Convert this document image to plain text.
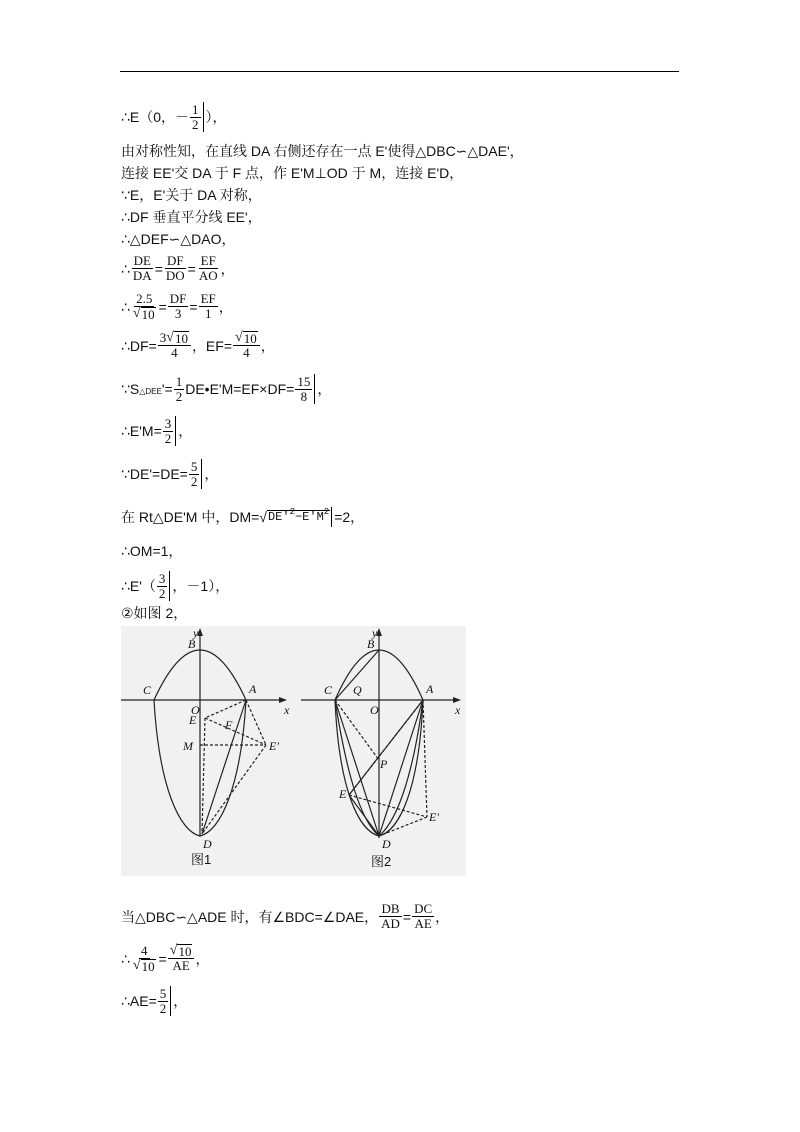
∴E（0，－ $\frac{1}{2}$ ），
由对称性知，在直线 DA 右侧还存在一点 E'使得△DBC∽△DAE'，
连接 EE'交 DA 于 F 点，作 E'M⊥OD 于 M，连接 E'D，
∵E，E'关于 DA 对称，
∴DF 垂直平分线 EE'，
∴△DEF∽△DAO，
∴ $\frac{DE}{DA} = \frac{DF}{DO} = \frac{EF}{AO}$ ，
∴ $\frac{2.5}{√ 10} = \frac{DF}{3} = \frac{EF}{1}$ ，
∴DF= $\frac{3 √ 10}{4}$ ，$EF= \frac{√ 10}{4}$ ，
∵S △DEE '= $\frac{1}{2}$ DE•E'M=EF×DF= $\frac{15}{8}$ ，
∴E'M= $\frac{3}{2}$ ，
∵DE'=DE= $\frac{5}{2}$ ，
在 Rt△DE'M 中，DM= √ $DE'^2-E'M^2 =2$，
∴OM=1，
∴E'（ $\frac{3}{2}$ ，－1），
②如图 2，
y
x
B
C
O
A
E F
M	E′
D
图1
y
x
B
C Q
O
A
P
E
E′
D
图2
当△DBC∽△ADE 时，有∠BDC=∠DAE， $\frac{DB}{AD} = \frac{DC}{AE}$ ，
∴ $\frac{4}{√ 10} = \frac{√ 10}{AE}$ ，
∴AE= $\frac{5}{2}$ ，
